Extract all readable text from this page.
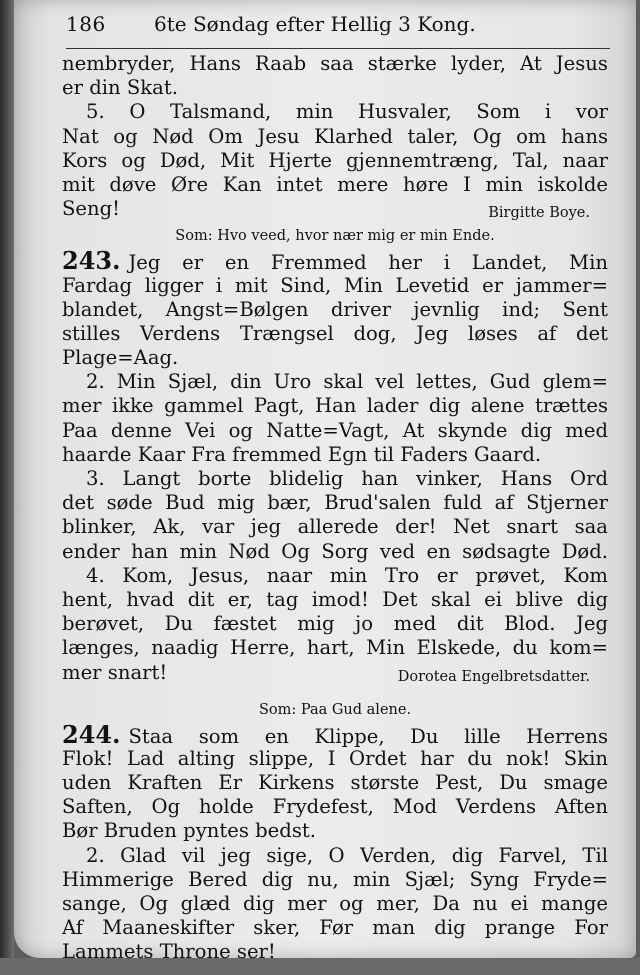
186 6te Søndag efter Hellig 3 Kong.
nembryder, Hans Raab saa stærke lyder, At Jesus
er din Skat.
5. O Talsmand, min Husvaler, Som i vor
Nat og Nød Om Jesu Klarhed taler, Og om hans
Kors og Død, Mit Hjerte gjennemtræng, Tal, naar
mit døve Øre Kan intet mere høre I min iskolde
Seng!	Birgitte Boye.
Som: Hvo veed, hvor nær mig er min Ende.
243. Jeg er en Fremmed her i Landet, Min
Fardag ligger i mit Sind, Min Levetid er jammer=
blandet, Angst=Bølgen driver jevnlig ind; Sent
stilles Verdens Trængsel dog, Jeg løses af det
Plage=Aag.
2. Min Sjæl, din Uro skal vel lettes, Gud glem=
mer ikke gammel Pagt, Han lader dig alene trættes
Paa denne Vei og Natte=Vagt, At skynde dig med
haarde Kaar Fra fremmed Egn til Faders Gaard.
3. Langt borte blidelig han vinker, Hans Ord
det søde Bud mig bær, Brud'salen fuld af Stjerner
blinker, Ak, var jeg allerede der! Net snart saa
ender han min Nød Og Sorg ved en sødsagte Død.
4. Kom, Jesus, naar min Tro er prøvet, Kom
hent, hvad dit er, tag imod! Det skal ei blive dig
berøvet, Du fæstet mig jo med dit Blod. Jeg
længes, naadig Herre, hart, Min Elskede, du kom=
mer snart!	Dorotea Engelbretsdatter.
Som: Paa Gud alene.
244. Staa som en Klippe, Du lille Herrens
Flok! Lad alting slippe, I Ordet har du nok! Skin
uden Kraften Er Kirkens største Pest, Du smage
Saften, Og holde Frydefest, Mod Verdens Aften
Bør Bruden pyntes bedst.
2. Glad vil jeg sige, O Verden, dig Farvel, Til
Himmerige Bered dig nu, min Sjæl; Syng Fryde=
sange, Og glæd dig mer og mer, Da nu ei mange
Af Maaneskifter sker, Før man dig prange For
Lammets Throne ser!
